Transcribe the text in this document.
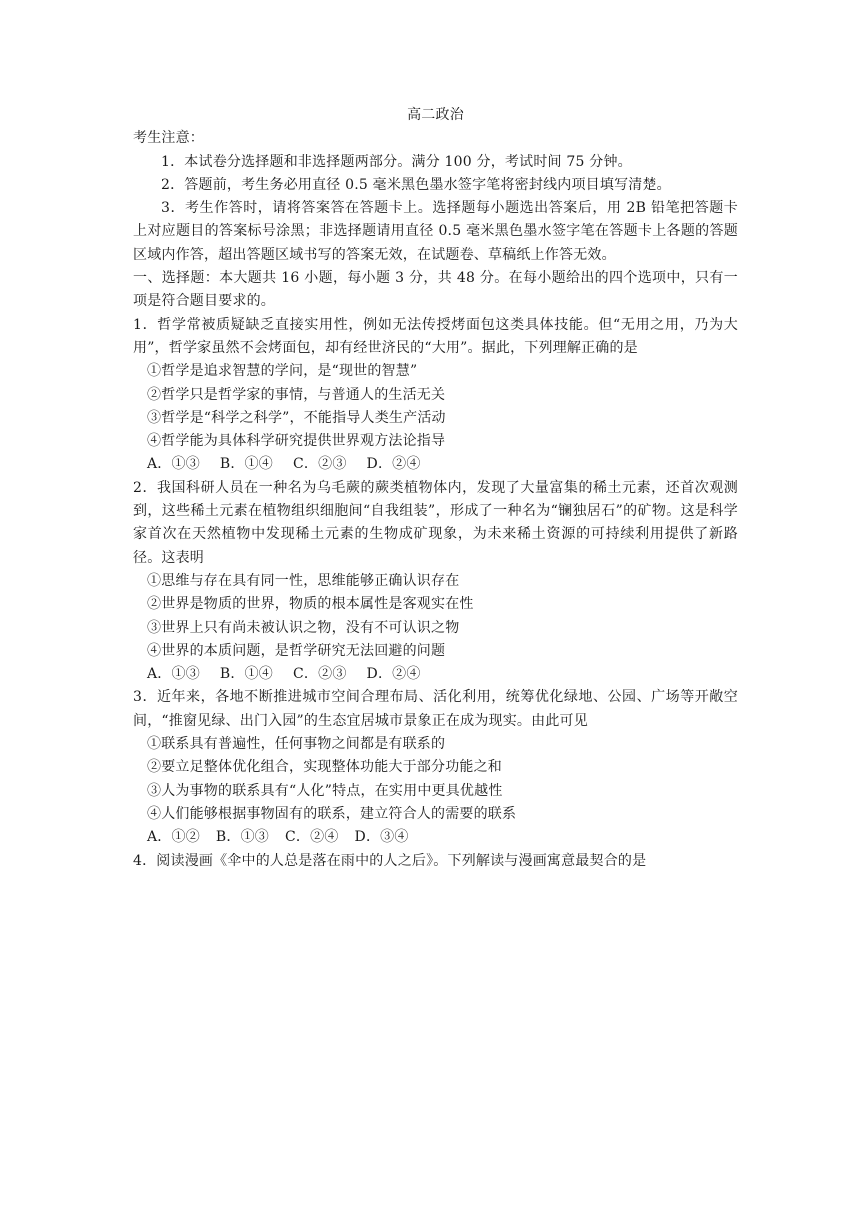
高二政治
考生注意：
1．本试卷分选择题和非选择题两部分。满分 100 分，考试时间 75 分钟。
2．答题前，考生务必用直径 0.5 毫米黑色墨水签字笔将密封线内项目填写清楚。
3．考生作答时，请将答案答在答题卡上。选择题每小题选出答案后，用 2B 铅笔把答题卡上对应题目的答案标号涂黑；非选择题请用直径 0.5 毫米黑色墨水签字笔在答题卡上各题的答题区域内作答，超出答题区域书写的答案无效，在试题卷、草稿纸上作答无效。
一、选择题：本大题共 16 小题，每小题 3 分，共 48 分。在每小题给出的四个选项中，只有一项是符合题目要求的。
1．哲学常被质疑缺乏直接实用性，例如无法传授烤面包这类具体技能。但“无用之用，乃为大用”，哲学家虽然不会烤面包，却有经世济民的“大用”。据此，下列理解正确的是
①哲学是追求智慧的学问，是“现世的智慧”
②哲学只是哲学家的事情，与普通人的生活无关
③哲学是“科学之科学”，不能指导人类生产活动
④哲学能为具体科学研究提供世界观方法论指导
A．①③ B．①④ C．②③ D．②④
2．我国科研人员在一种名为乌毛蕨的蕨类植物体内，发现了大量富集的稀土元素，还首次观测到，这些稀土元素在植物组织细胞间“自我组装”，形成了一种名为“镧独居石”的矿物。这是科学家首次在天然植物中发现稀土元素的生物成矿现象，为未来稀土资源的可持续利用提供了新路径。这表明
①思维与存在具有同一性，思维能够正确认识存在
②世界是物质的世界，物质的根本属性是客观实在性
③世界上只有尚未被认识之物，没有不可认识之物
④世界的本质问题，是哲学研究无法回避的问题
A．①③ B．①④ C．②③ D．②④
3．近年来，各地不断推进城市空间合理布局、活化利用，统筹优化绿地、公园、广场等开敞空间，“推窗见绿、出门入园”的生态宜居城市景象正在成为现实。由此可见
①联系具有普遍性，任何事物之间都是有联系的
②要立足整体优化组合，实现整体功能大于部分功能之和
③人为事物的联系具有“人化”特点，在实用中更具优越性
④人们能够根据事物固有的联系，建立符合人的需要的联系
A．①② B．①③ C．②④ D．③④
4．阅读漫画《伞中的人总是落在雨中的人之后》。下列解读与漫画寓意最契合的是
